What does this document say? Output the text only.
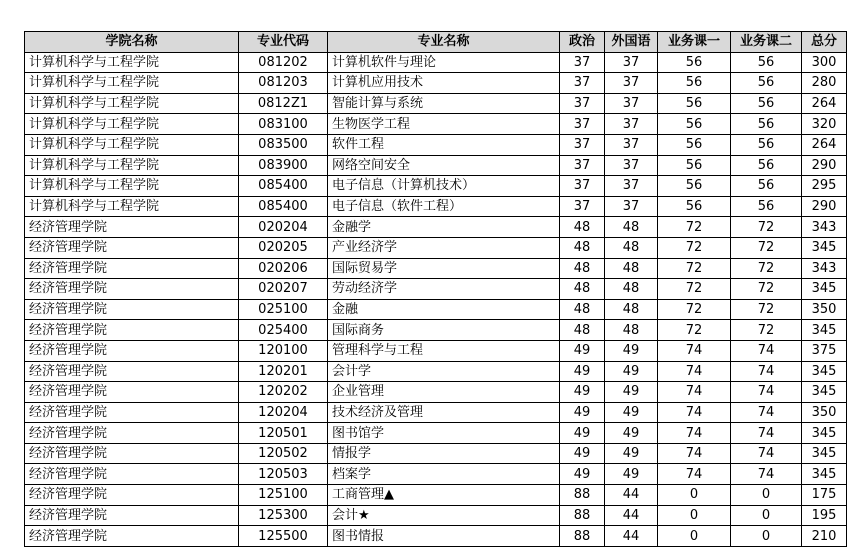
学院名称	专业代码	专业名称	政治	外国语	业务课一	业务课二	总分
计算机科学与工程学院	081202	计算机软件与理论	37	37	56	56	300
计算机科学与工程学院	081203	计算机应用技术	37	37	56	56	280
计算机科学与工程学院	0812Z1	智能计算与系统	37	37	56	56	264
计算机科学与工程学院	083100	生物医学工程	37	37	56	56	320
计算机科学与工程学院	083500	软件工程	37	37	56	56	264
计算机科学与工程学院	083900	网络空间安全	37	37	56	56	290
计算机科学与工程学院	085400	电子信息（计算机技术）	37	37	56	56	295
计算机科学与工程学院	085400	电子信息（软件工程）	37	37	56	56	290
经济管理学院	020204	金融学	48	48	72	72	343
经济管理学院	020205	产业经济学	48	48	72	72	345
经济管理学院	020206	国际贸易学	48	48	72	72	343
经济管理学院	020207	劳动经济学	48	48	72	72	345
经济管理学院	025100	金融	48	48	72	72	350
经济管理学院	025400	国际商务	48	48	72	72	345
经济管理学院	120100	管理科学与工程	49	49	74	74	375
经济管理学院	120201	会计学	49	49	74	74	345
经济管理学院	120202	企业管理	49	49	74	74	345
经济管理学院	120204	技术经济及管理	49	49	74	74	350
经济管理学院	120501	图书馆学	49	49	74	74	345
经济管理学院	120502	情报学	49	49	74	74	345
经济管理学院	120503	档案学	49	49	74	74	345
经济管理学院	125100	工商管理▲	88	44	0	0	175
经济管理学院	125300	会计★	88	44	0	0	195
经济管理学院	125500	图书情报	88	44	0	0	210
